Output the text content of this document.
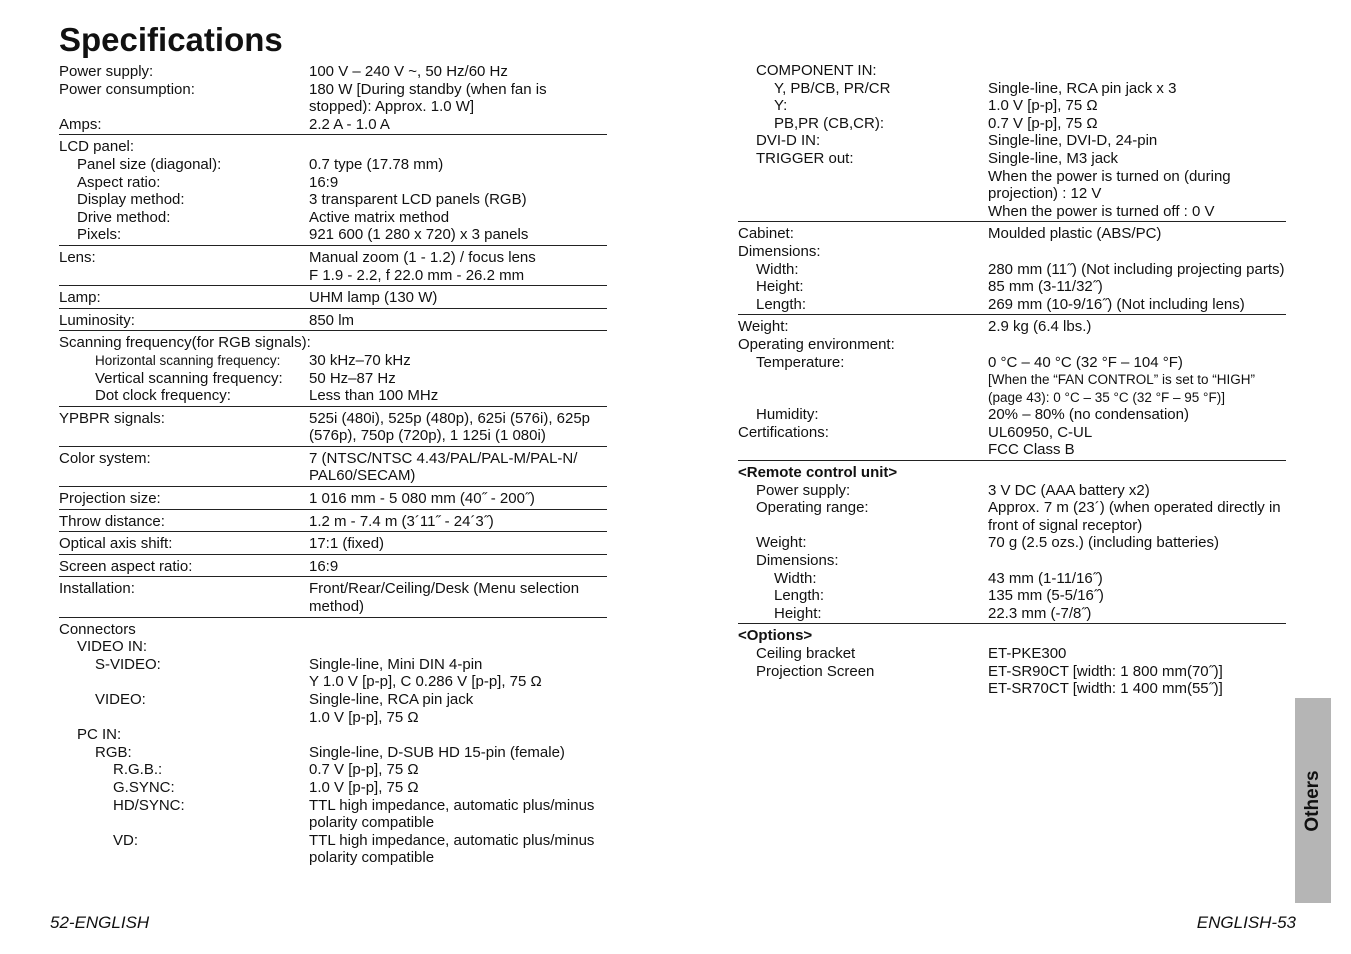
Specifications
Power supply:	100 V – 240 V ~, 50 Hz/60 Hz
Power consumption:	180 W [During standby (when fan is stopped): Approx. 1.0 W]
Amps:	2.2 A - 1.0 A
LCD panel:
Panel size (diagonal):	0.7 type (17.78 mm)
Aspect ratio:	16:9
Display method:	3 transparent LCD panels (RGB)
Drive method:	Active matrix method
Pixels:	921 600 (1 280 x 720) x 3 panels
Lens:	Manual zoom (1 - 1.2) / focus lens
F 1.9 - 2.2, f 22.0 mm - 26.2 mm
Lamp:	UHM lamp (130 W)
Luminosity:	850 lm
Scanning frequency(for RGB signals):
Horizontal scanning frequency:	30 kHz–70 kHz
Vertical scanning frequency:	50 Hz–87 Hz
Dot clock frequency:	Less than 100 MHz
YPBPR signals:	525i (480i), 525p (480p), 625i (576i), 625p (576p), 750p (720p), 1 125i (1 080i)
Color system:	7 (NTSC/NTSC 4.43/PAL/PAL-M/PAL-N/ PAL60/SECAM)
Projection size:	1 016 mm - 5 080 mm (40˝ - 200˝)
Throw distance:	1.2 m - 7.4 m (3´11˝ - 24´3˝)
Optical axis shift:	17:1 (fixed)
Screen aspect ratio:	16:9
Installation:	Front/Rear/Ceiling/Desk (Menu selection method)
Connectors
VIDEO IN:
S-VIDEO:	Single-line, Mini DIN 4-pin
Y 1.0 V [p-p], C 0.286 V [p-p], 75 Ω
VIDEO:	Single-line, RCA pin jack
1.0 V [p-p], 75 Ω
PC IN:
RGB:	Single-line, D-SUB HD 15-pin (female)
R.G.B.:	0.7 V [p-p], 75 Ω
G.SYNC:	1.0 V [p-p], 75 Ω
HD/SYNC:	TTL high impedance, automatic plus/minus polarity compatible
VD:	TTL high impedance, automatic plus/minus polarity compatible
COMPONENT IN:
Y, PB/CB, PR/CR	Single-line, RCA pin jack x 3
Y:	1.0 V [p-p], 75 Ω
PB,PR (CB,CR):	0.7 V [p-p], 75 Ω
DVI-D IN:	Single-line, DVI-D, 24-pin
TRIGGER out:	Single-line, M3 jack
When the power is turned on (during projection) : 12 V
When the power is turned off : 0 V
Cabinet:	Moulded plastic (ABS/PC)
Dimensions:
Width:	280 mm (11˝) (Not including projecting parts)
Height:	85 mm (3-11/32˝)
Length:	269 mm (10-9/16˝) (Not including lens)
Weight:	2.9 kg (6.4 lbs.)
Operating environment:
Temperature:	0 °C – 40 °C (32 °F – 104 °F)
[When the “FAN CONTROL” is set to “HIGH” (page 43): 0 °C – 35 °C (32 °F – 95 °F)]
Humidity:	20% – 80% (no condensation)
Certifications:	UL60950, C-UL
FCC Class B
<Remote control unit>
Power supply:	3 V DC (AAA battery x2)
Operating range:	Approx. 7 m (23´) (when operated directly in front of signal receptor)
Weight:	70 g (2.5 ozs.) (including batteries)
Dimensions:
Width:	43 mm (1-11/16˝)
Length:	135 mm (5-5/16˝)
Height:	22.3 mm (-7/8˝)
<Options>
Ceiling bracket	ET-PKE300
Projection Screen	ET-SR90CT [width: 1 800 mm(70˝)]
ET-SR70CT [width: 1 400 mm(55˝)]
Others
52-ENGLISH	ENGLISH-53
